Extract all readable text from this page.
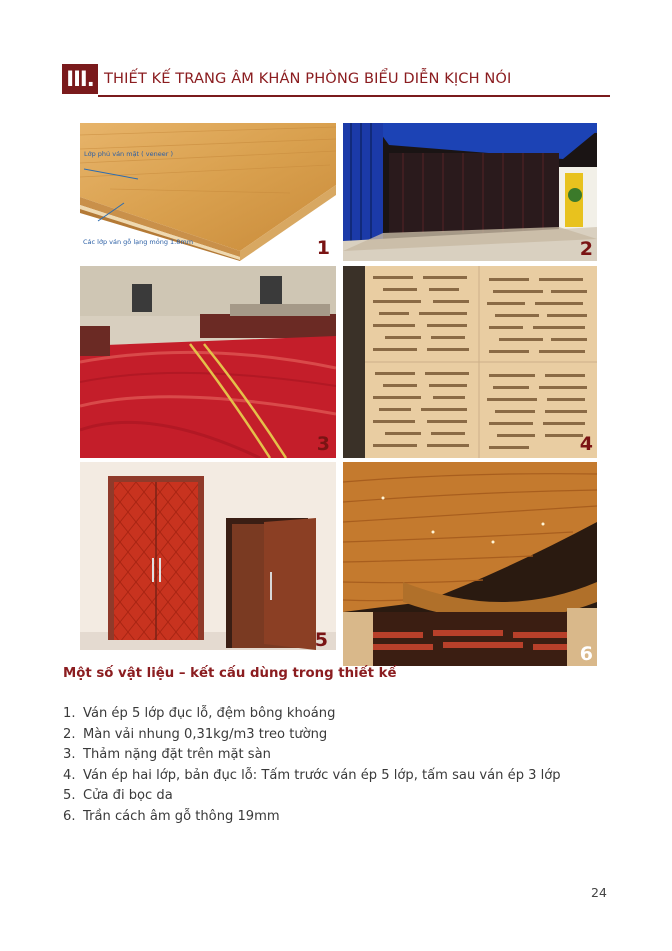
III. THIẾT KẾ TRANG ÂM KHÁN PHÒNG BIỂU DIỄN KỊCH NÓI
Lớp phủ ván mặt ( veneer )
Các lớp ván gỗ lạng mỏng 1.8mm	1	2
3	4
5
6
Một số vật liệu – kết cấu dùng trong thiết kế
1. Ván ép 5 lớp đục lỗ, đệm bông khoáng
2. Màn vải nhung 0,31kg/m3 treo tường
3. Thảm nặng đặt trên mặt sàn
4. Ván ép hai lớp, bản đục lỗ: Tấm trước ván ép 5 lớp, tấm sau ván ép 3 lớp
5. Cửa đi bọc da
6. Trần cách âm gỗ thông 19mm
24
